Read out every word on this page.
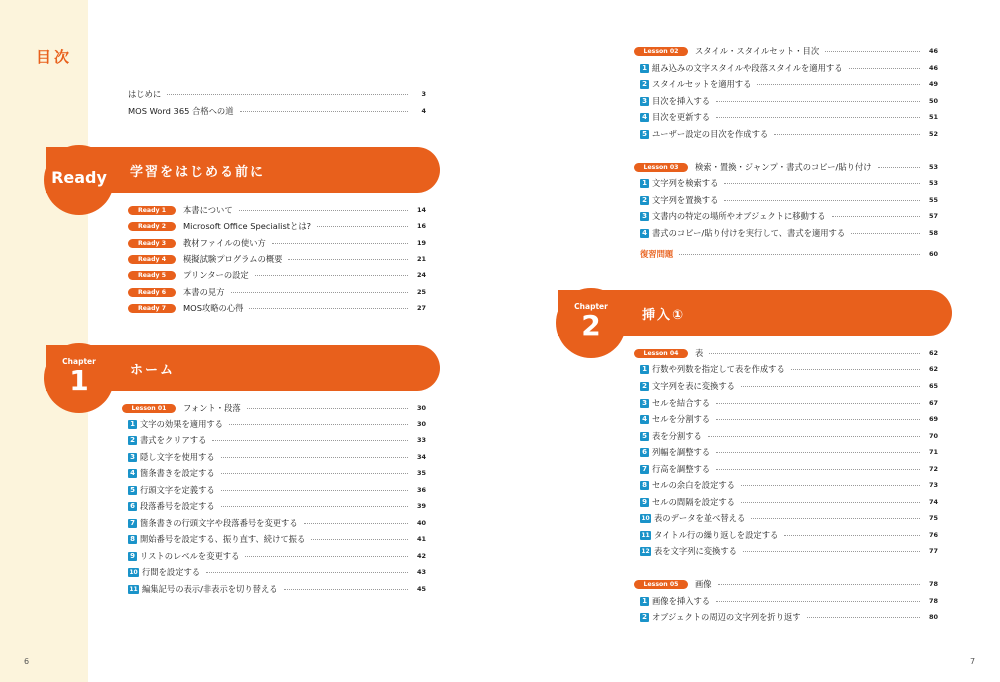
目次
はじめに	3
MOS Word 365 合格への道	4
学習をはじめる前に
Ready
Ready 1	本書について	14
Ready 2	Microsoft Office Specialistとは?	16
Ready 3	教材ファイルの使い方	19
Ready 4	模擬試験プログラムの概要	21
Ready 5	プリンターの設定	24
Ready 6	本書の見方	25
Ready 7	MOS攻略の心得	27
ホーム
Chapter
1
Lesson 01	フォント・段落	30
1 文字の効果を適用する	30
2 書式をクリアする	33
3 隠し文字を使用する	34
4 箇条書きを設定する	35
5 行頭文字を定義する	36
6 段落番号を設定する	39
7 箇条書きの行頭文字や段落番号を変更する	40
8 開始番号を設定する、振り直す、続けて振る	41
9 リストのレベルを変更する	42
10 行間を設定する	43
11 編集記号の表示/非表示を切り替える	45
6
Lesson 02	スタイル・スタイルセット・目次	46
1 組み込みの文字スタイルや段落スタイルを適用する	46
2 スタイルセットを適用する	49
3 目次を挿入する	50
4 目次を更新する	51
5 ユーザー設定の目次を作成する	52
Lesson 03	検索・置換・ジャンプ・書式のコピー/貼り付け	53
1 文字列を検索する	53
2 文字列を置換する	55
3 文書内の特定の場所やオブジェクトに移動する	57
4 書式のコピー/貼り付けを実行して、書式を適用する	58
復習問題	60
挿入①
Chapter
2
Lesson 04	表	62
1 行数や列数を指定して表を作成する	62
2 文字列を表に変換する	65
3 セルを結合する	67
4 セルを分割する	69
5 表を分割する	70
6 列幅を調整する	71
7 行高を調整する	72
8 セルの余白を設定する	73
9 セルの間隔を設定する	74
10 表のデータを並べ替える	75
11 タイトル行の繰り返しを設定する	76
12 表を文字列に変換する	77
Lesson 05	画像	78
1 画像を挿入する	78
2 オブジェクトの周辺の文字列を折り返す	80
7
